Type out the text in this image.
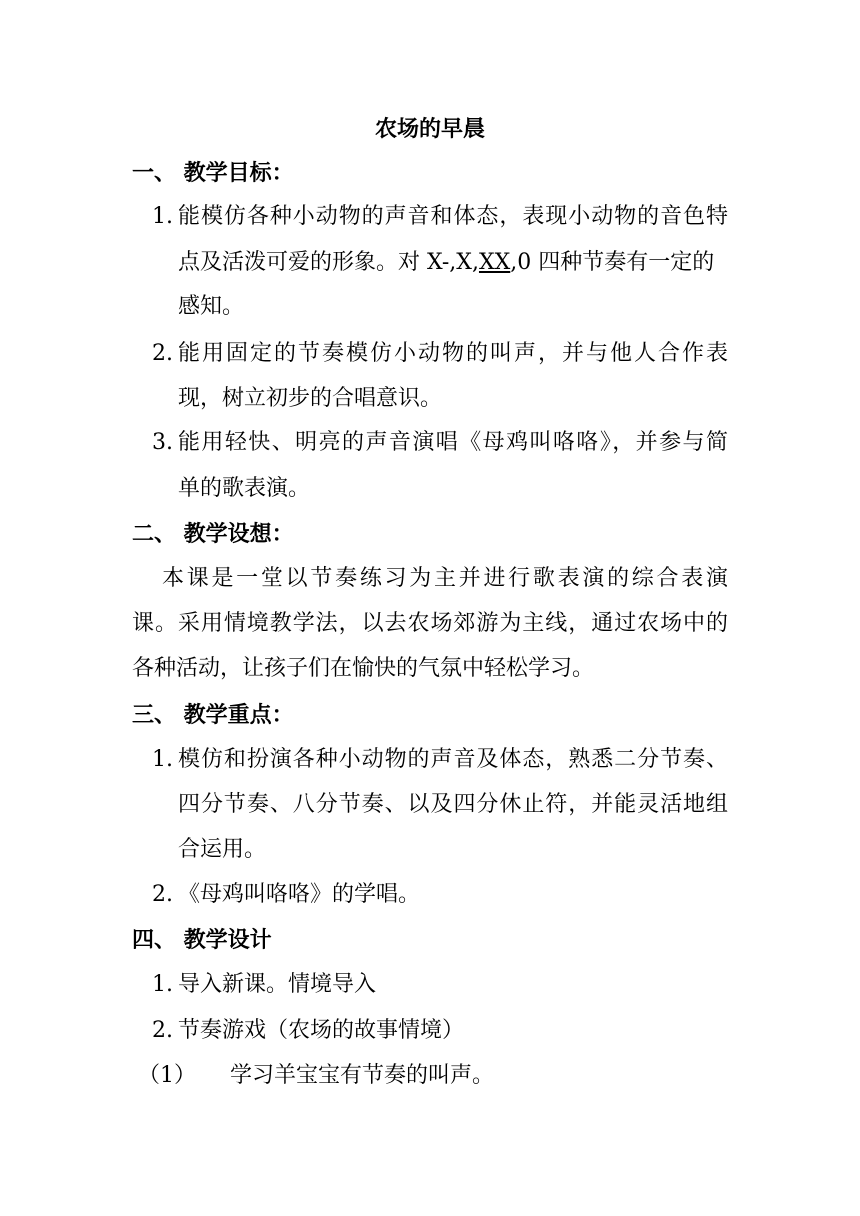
农场的早晨
一、 教学目标：
1. 能模仿各种小动物的声音和体态，表现小动物的音色特
点及活泼可爱的形象。对 X-,X,XX,0 四种节奏有一定的
感知。
2. 能用固定的节奏模仿小动物的叫声，并与他人合作表
现，树立初步的合唱意识。
3. 能用轻快、明亮的声音演唱《母鸡叫咯咯》，并参与简
单的歌表演。
二、 教学设想：
本课是一堂以节奏练习为主并进行歌表演的综合表演
课。采用情境教学法，以去农场郊游为主线，通过农场中的
各种活动，让孩子们在愉快的气氛中轻松学习。
三、 教学重点：
1. 模仿和扮演各种小动物的声音及体态，熟悉二分节奏、
四分节奏、八分节奏、以及四分休止符，并能灵活地组
合运用。
2. 《母鸡叫咯咯》的学唱。
四、 教学设计
1. 导入新课。情境导入
2. 节奏游戏（农场的故事情境）
（1） 学习羊宝宝有节奏的叫声。
